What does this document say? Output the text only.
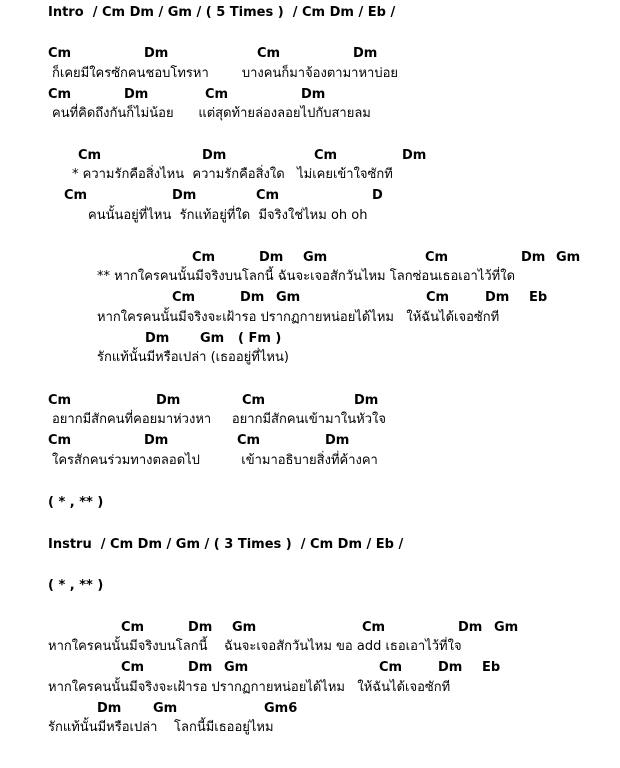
Intro  / Cm Dm / Gm / ( 5 Times )  / Cm Dm / Eb /

Cm

	Dm

	Cm

	Dm

ก็เคยมีใครซักคนชอบโทรหา        บางคนก็มาจ้องตามาหาบ่อย

Cm

	Dm

	Cm

	Dm

คนที่คิดถึงกันก็ไม่น้อย      แต่สุดท้ายล่องลอยไปกับสายลม

Cm

	Dm

	Cm

	Dm

* ความรักคือสิ่งไหน  ความรักคือสิ่งใด   ไม่เคยเข้าใจซักที

Cm

	Dm

	Cm

	D

คนนั้นอยู่ที่ไหน  รักแท้อยู่ที่ใด  มีจริงใช่ไหม oh oh

Cm

	Dm

Gm

	Cm

	Dm

Gm

** หากใครคนนั้นมีจริงบนโลกนี้ ฉันจะเจอสักวันไหม โลกซ่อนเธอเอาไว้ที่ใด

Cm

	Dm

Gm

	Cm

	Dm

Eb

หากใครคนนั้นมีจริงจะเฝ้ารอ ปรากฏกายหน่อยได้ไหม   ให้ฉันได้เจอซักที

Dm

Gm

( Fm )

รักแท้นั้นมีหรือเปล่า (เธออยู่ที่ไหน)

Cm

	Dm

	Cm

	Dm

อยากมีสักคนที่คอยมาห่วงหา     อยากมีสักคนเข้ามาในหัวใจ

Cm

	Dm

	Cm

	Dm

ใครสักคนร่วมทางตลอดไป          เข้ามาอธิบายสิ่งที่ค้างคา
( * , ** )
Instru  / Cm Dm / Gm / ( 3 Times )  / Cm Dm / Eb /
( * , ** )

Cm

	Dm

Gm

	Cm

	Dm

Gm

หากใครคนนั้นมีจริงบนโลกนี้    ฉันจะเจอสักวันไหม ขอ add เธอเอาไว้ที่ใจ

Cm

	Dm

Gm

	Cm

	Dm

Eb

หากใครคนนั้นมีจริงจะเฝ้ารอ ปรากฏกายหน่อยได้ไหม   ให้ฉันได้เจอซักที

Dm

Gm

	Gm6

รักแท้นั้นมีหรือเปล่า    โลกนี้มีเธออยู่ไหม
